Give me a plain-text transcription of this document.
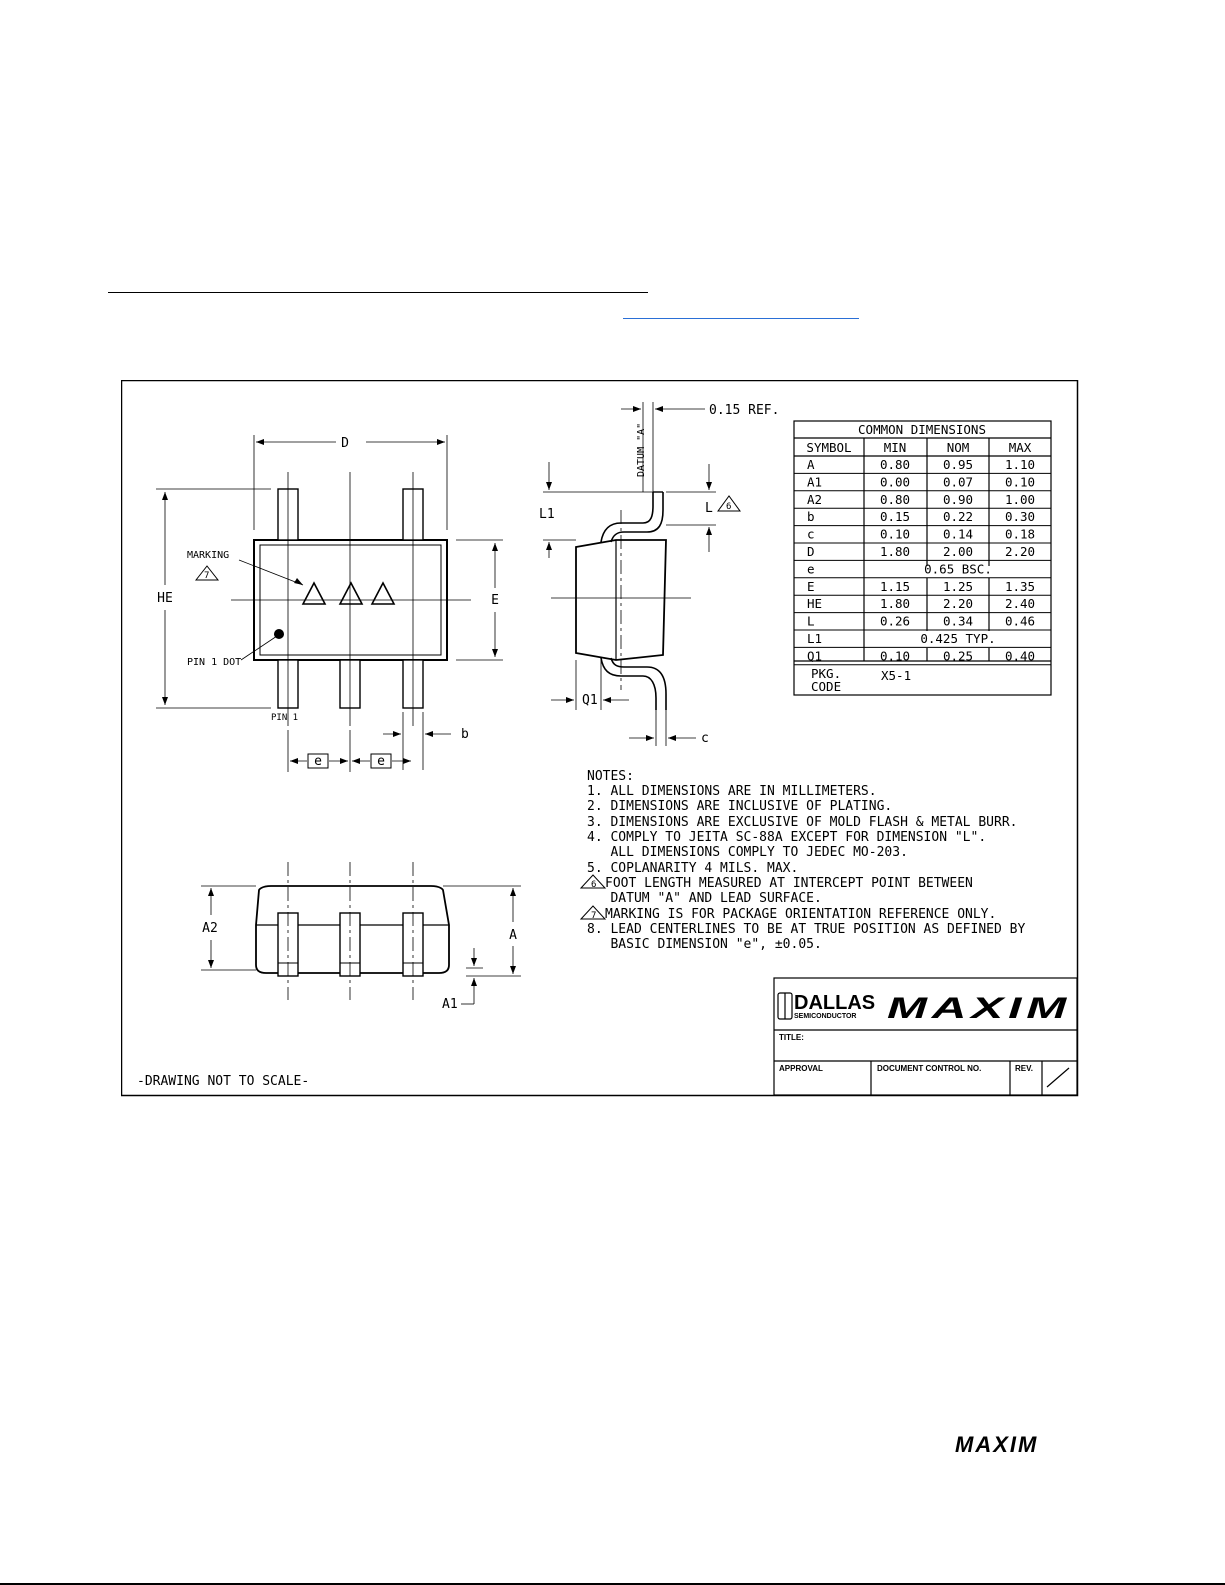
D
HE	E
MARKING
7
PIN 1 DOT
PIN 1
b
e	e
0.15 REF.
DATUM "A"
L1	L 6
Q1
c
A2	A
A1
A	0.80	0.95	1.10
A1	0.00	0.07	0.10
A2	0.80	0.90	1.00
b	0.15	0.22	0.30
c	0.10	0.14	0.18
D	1.80	2.00	2.20
e	0.65 BSC.
E	1.15	1.25	1.35
HE	1.80	2.20	2.40
L	0.26	0.34	0.46
L1	0.425 TYP.
Q1	0.10	0.25	0.40
COMMON DIMENSIONS
SYMBOL	MIN	NOM	MAX
PKG.
CODE
X5-1
NOTES:
1. ALL DIMENSIONS ARE IN MILLIMETERS.
2. DIMENSIONS ARE INCLUSIVE OF PLATING.
3. DIMENSIONS ARE EXCLUSIVE OF MOLD FLASH & METAL BURR.
4. COMPLY TO JEITA SC-88A EXCEPT FOR DIMENSION "L".
ALL DIMENSIONS COMPLY TO JEDEC MO-203.
5. COPLANARITY 4 MILS. MAX.
FOOT LENGTH MEASURED AT INTERCEPT POINT BETWEEN
DATUM "A" AND LEAD SURFACE.
MARKING IS FOR PACKAGE ORIENTATION REFERENCE ONLY.
8. LEAD CENTERLINES TO BE AT TRUE POSITION AS DEFINED BY
BASIC DIMENSION "e", ±0.05.
6
7
-DRAWING NOT TO SCALE-
DALLAS
SEMICONDUCTOR MAXIM
TITLE:
APPROVAL	DOCUMENT CONTROL NO.	REV.
MAXIM
